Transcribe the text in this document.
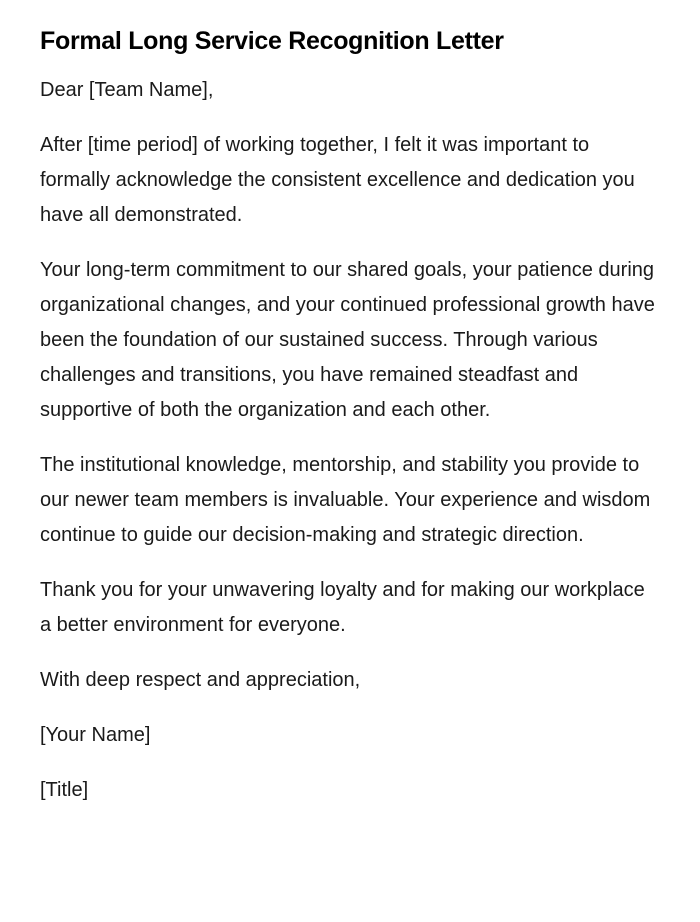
Formal Long Service Recognition Letter

Dear [Team Name],

After [time period] of working together, I felt it was important to formally acknowledge the consistent excellence and dedication you have all demonstrated.

Your long-term commitment to our shared goals, your patience during organizational changes, and your continued professional growth have been the foundation of our sustained success. Through various challenges and transitions, you have remained steadfast and supportive of both the organization and each other.

The institutional knowledge, mentorship, and stability you provide to our newer team members is invaluable. Your experience and wisdom continue to guide our decision-making and strategic direction.

Thank you for your unwavering loyalty and for making our workplace a better environment for everyone.

With deep respect and appreciation,

[Your Name]

[Title]
